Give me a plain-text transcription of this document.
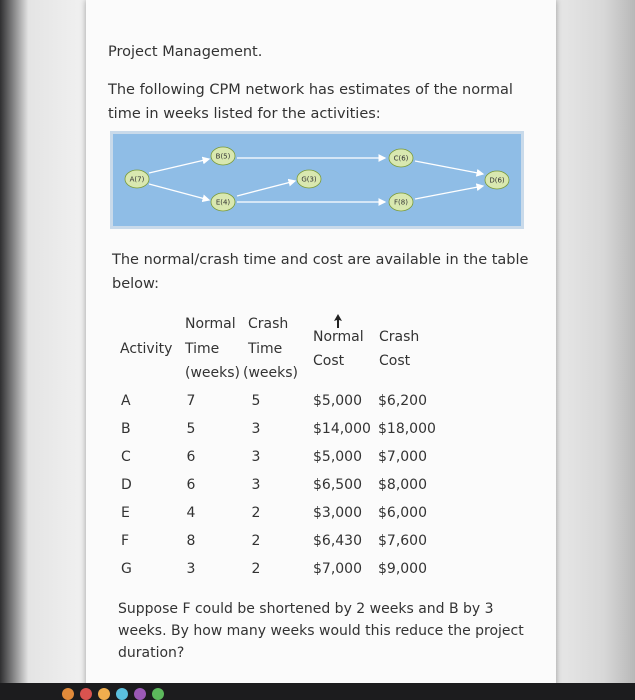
Project Management.
The following CPM network has estimates of the normal time in weeks listed for the activities:
A(7)
B(5)
E(4)
G(3)
C(6)
F(8)
D(6)
The normal/crash time and cost are available in the table below:
Normal Crash
Activity Time Time
(weeks) (weeks)
Normal
Cost
Crash
Cost
A	7	5	$5,000	$6,200
B	5	3	$14,000 $18,000
C	6	3	$5,000	$7,000
D	6	3	$6,500	$8,000
E	4	2	$3,000	$6,000
F	8	2	$6,430	$7,600
G	3	2	$7,000	$9,000
Suppose F could be shortened by 2 weeks and B by 3 weeks. By how many weeks would this reduce the project duration?
